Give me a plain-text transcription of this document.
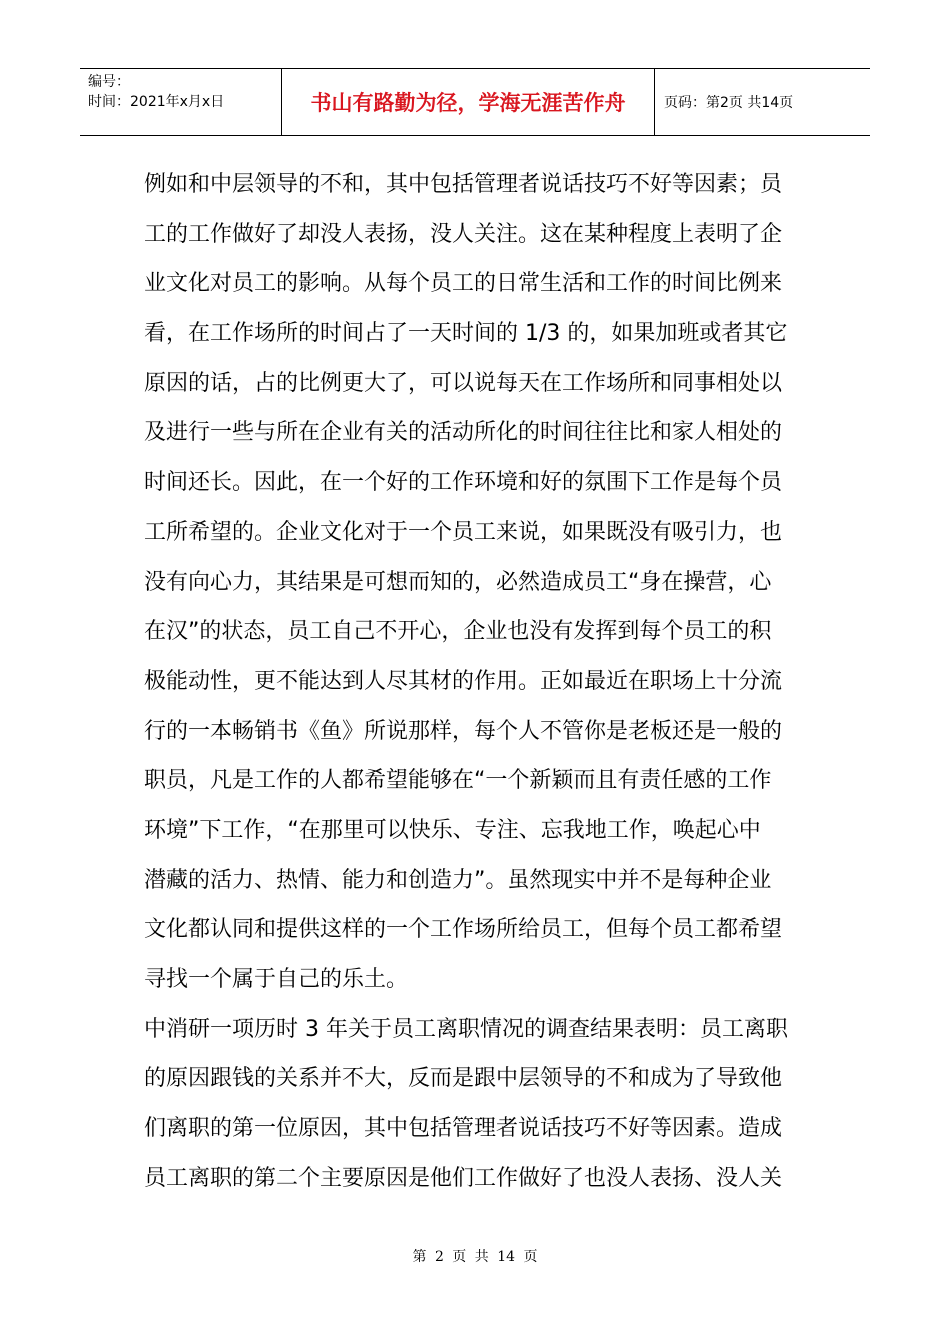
编号：
时间：2021年x月x日	书山有路勤为径，学海无涯苦作舟	页码：第2页 共14页
例如和中层领导的不和，其中包括管理者说话技巧不好等因素；员
工的工作做好了却没人表扬，没人关注。这在某种程度上表明了企
业文化对员工的影响。从每个员工的日常生活和工作的时间比例来
看，在工作场所的时间占了一天时间的 1/3 的，如果加班或者其它
原因的话，占的比例更大了，可以说每天在工作场所和同事相处以
及进行一些与所在企业有关的活动所化的时间往往比和家人相处的
时间还长。因此，在一个好的工作环境和好的氛围下工作是每个员
工所希望的。企业文化对于一个员工来说，如果既没有吸引力，也
没有向心力，其结果是可想而知的，必然造成员工“身在操营，心
在汉”的状态，员工自己不开心，企业也没有发挥到每个员工的积
极能动性，更不能达到人尽其材的作用。正如最近在职场上十分流
行的一本畅销书《鱼》所说那样，每个人不管你是老板还是一般的
职员，凡是工作的人都希望能够在“一个新颖而且有责任感的工作
环境”下工作，“在那里可以快乐、专注、忘我地工作，唤起心中
潜藏的活力、热情、能力和创造力”。虽然现实中并不是每种企业
文化都认同和提供这样的一个工作场所给员工，但每个员工都希望
寻找一个属于自己的乐土。
中消研一项历时 3 年关于员工离职情况的调查结果表明：员工离职
的原因跟钱的关系并不大，反而是跟中层领导的不和成为了导致他
们离职的第一位原因，其中包括管理者说话技巧不好等因素。造成
员工离职的第二个主要原因是他们工作做好了也没人表扬、没人关
第 2 页 共 14 页
